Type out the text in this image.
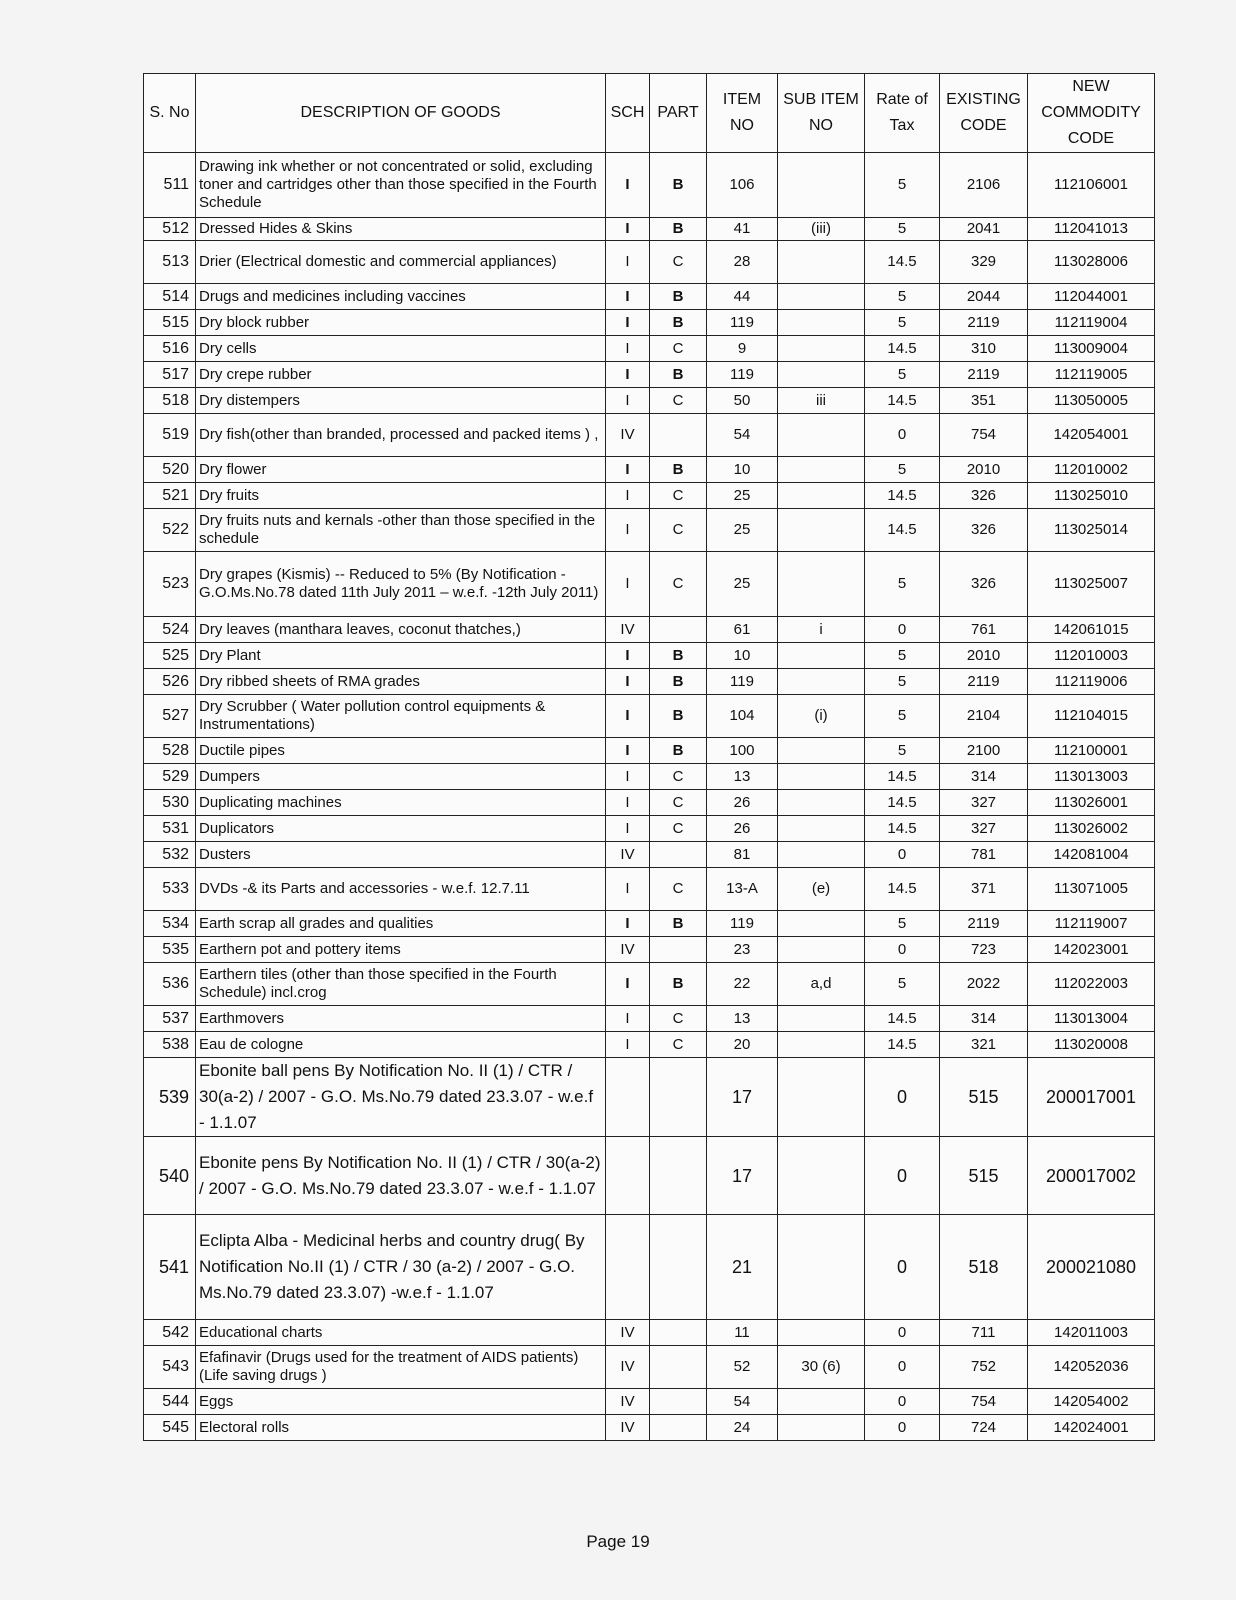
S. No	DESCRIPTION OF GOODS	SCH	PART	ITEM NO	SUB ITEM NO	Rate of Tax	EXISTING CODE	NEW COMMODITY CODE
511	Drawing ink whether or not concentrated or solid, excluding toner and cartridges other than those specified in the Fourth Schedule	I	B	106		5	2106	112106001
512	Dressed Hides & Skins	I	B	41	(iii)	5	2041	112041013
513	Drier (Electrical domestic and commercial appliances)	I	C	28		14.5	329	113028006
514	Drugs and medicines including vaccines	I	B	44		5	2044	112044001
515	Dry block rubber	I	B	119		5	2119	112119004
516	Dry cells	I	C	9		14.5	310	113009004
517	Dry crepe rubber	I	B	119		5	2119	112119005
518	Dry distempers	I	C	50	iii	14.5	351	113050005
519	Dry fish(other than branded, processed and packed items ) ,	IV		54		0	754	142054001
520	Dry flower	I	B	10		5	2010	112010002
521	Dry fruits	I	C	25		14.5	326	113025010
522	Dry fruits nuts and kernals -other than those specified in the schedule	I	C	25		14.5	326	113025014
523	Dry grapes (Kismis) -- Reduced to 5% (By Notification - G.O.Ms.No.78 dated 11th July 2011 – w.e.f. -12th July 2011)	I	C	25		5	326	113025007
524	Dry leaves (manthara leaves, coconut thatches,)	IV		61	i	0	761	142061015
525	Dry Plant	I	B	10		5	2010	112010003
526	Dry ribbed sheets of RMA grades	I	B	119		5	2119	112119006
527	Dry Scrubber ( Water pollution control equipments & Instrumentations)	I	B	104	(i)	5	2104	112104015
528	Ductile pipes	I	B	100		5	2100	112100001
529	Dumpers	I	C	13		14.5	314	113013003
530	Duplicating machines	I	C	26		14.5	327	113026001
531	Duplicators	I	C	26		14.5	327	113026002
532	Dusters	IV		81		0	781	142081004
533	DVDs -& its Parts and accessories - w.e.f. 12.7.11	I	C	13-A	(e)	14.5	371	113071005
534	Earth scrap all grades and qualities	I	B	119		5	2119	112119007
535	Earthern pot and pottery items	IV		23		0	723	142023001
536	Earthern tiles (other than those specified in the Fourth Schedule) incl.crog	I	B	22	a,d	5	2022	112022003
537	Earthmovers	I	C	13		14.5	314	113013004
538	Eau de cologne	I	C	20		14.5	321	113020008
539	Ebonite ball pens By Notification No. II (1) / CTR / 30(a-2) / 2007 - G.O. Ms.No.79 dated 23.3.07 - w.e.f - 1.1.07			17		0	515	200017001
540	Ebonite pens By Notification No. II (1) / CTR / 30(a-2) / 2007 - G.O. Ms.No.79 dated 23.3.07 - w.e.f - 1.1.07			17		0	515	200017002
541	Eclipta Alba - Medicinal herbs and country drug( By Notification No.II (1) / CTR / 30 (a-2) / 2007 - G.O. Ms.No.79 dated 23.3.07) -w.e.f - 1.1.07			21		0	518	200021080
542	Educational charts	IV		11		0	711	142011003
543	Efafinavir (Drugs used for the treatment of AIDS patients) (Life saving drugs )	IV		52	30 (6)	0	752	142052036
544	Eggs	IV		54		0	754	142054002
545	Electoral rolls	IV		24		0	724	142024001
Page 19
